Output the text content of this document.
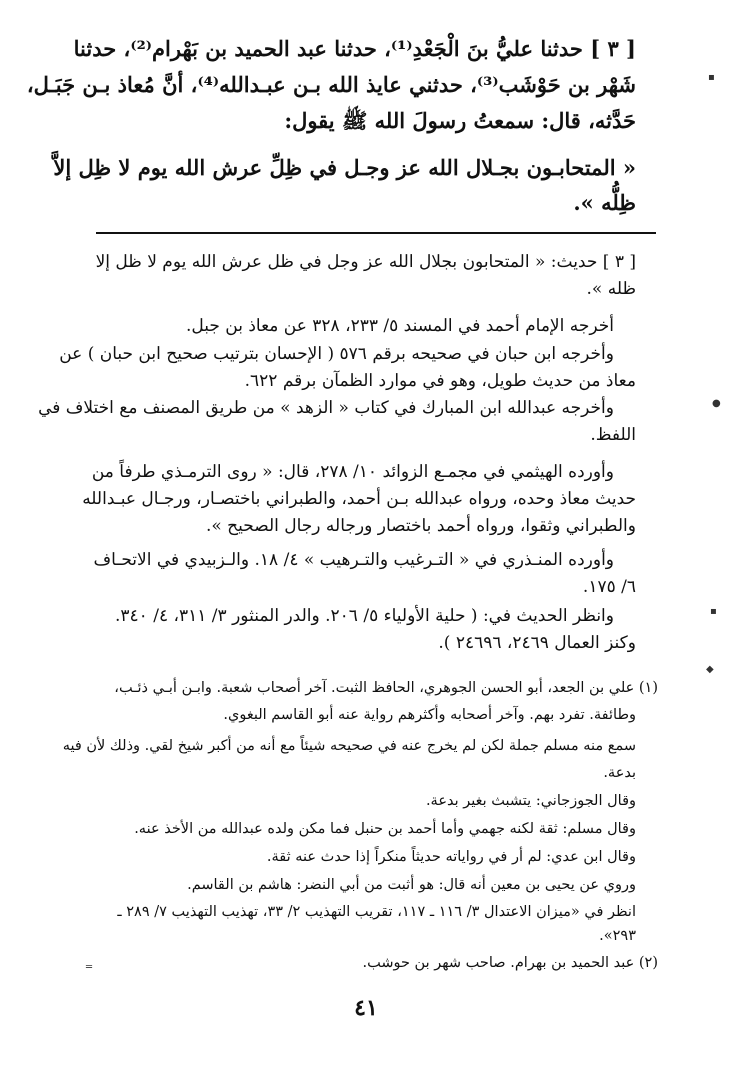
[ ٣ ] حدثنا عليُّ بنَ الْجَعْدِ⁽¹⁾، حدثنا عبد الحميد بن بَهْرام⁽²⁾، حدثنا
شَهْر بن حَوْشَب⁽³⁾، حدثني عايذ الله بـن عبـدالله⁽⁴⁾، أنَّ مُعاذ بـن جَبَـل،
حَدَّثه، قال: سمعتُ رسولَ الله ﷺ يقول:
« المتحابـون بجـلال الله عز وجـل في ظِلِّ عرش الله يوم لا ظِل إلاَّ
ظِلُّه ».
[ ٣ ] حديث: « المتحابون بجلال الله عز وجل في ظل عرش الله يوم لا ظل إلا
ظله ».
أخرجه الإمام أحمد في المسند ٥/ ٢٣٣، ٣٢٨ عن معاذ بن جبل.
وأخرجه ابن حبان في صحيحه برقم ٥٧٦ ( الإحسان بترتيب صحيح ابن حبان ) عن
معاذ من حديث طويل، وهو في موارد الظمآن برقم ٦٢٢.
وأخرجه عبدالله ابن المبارك في كتاب « الزهد » من طريق المصنف مع اختلاف في
اللفظ.
وأورده الهيثمي في مجمـع الزوائد ١٠/ ٢٧٨، قال: « روى الترمـذي طرفاً من
حديث معاذ وحده، ورواه عبدالله بـن أحمد، والطبراني باختصـار، ورجـال عبـدالله
والطبراني وثقوا، ورواه أحمد باختصار ورجاله رجال الصحيح ».
وأورده المنـذري في « التـرغيب والتـرهيب » ٤/ ١٨. والـزبيدي في الاتحـاف
٦/ ١٧٥.
وانظر الحديث في: ( حلية الأولياء ٥/ ٢٠٦. والدر المنثور ٣/ ٣١١، ٤/ ٣٤٠.
وكنز العمال ٢٤٦٩، ٢٤٦٩٦ ).
(١) علي بن الجعد، أبو الحسن الجوهري، الحافظ الثبت. آخر أصحاب شعبة. وابـن أبـي ذئـب،
وطائفة. تفرد بهم. وآخر أصحابه وأكثرهم رواية عنه أبو القاسم البغوي.
سمع منه مسلم جملة لكن لم يخرج عنه في صحيحه شيئاً مع أنه من أكبر شيخ لقي. وذلك لأن فيه
بدعة.
وقال الجوزجاني: يتشبث بغير بدعة.
وقال مسلم: ثقة لكنه جهمي وأما أحمد بن حنبل فما مكن ولده عبدالله من الأخذ عنه.
وقال ابن عدي: لم أر في رواياته حديثاً منكراً إذا حدث عنه ثقة.
وروي عن يحيى بن معين أنه قال: هو أثبت من أبي النضر: هاشم بن القاسم.
انظر في «ميزان الاعتدال ٣/ ١١٦ ـ ١١٧، تقريب التهذيب ٢/ ٣٣، تهذيب التهذيب ٧/ ٢٨٩ ـ
٢٩٣».
(٢) عبد الحميد بن بهرام. صاحب شهر بن حوشب.
٤١
▪
●
▪
◆
═
